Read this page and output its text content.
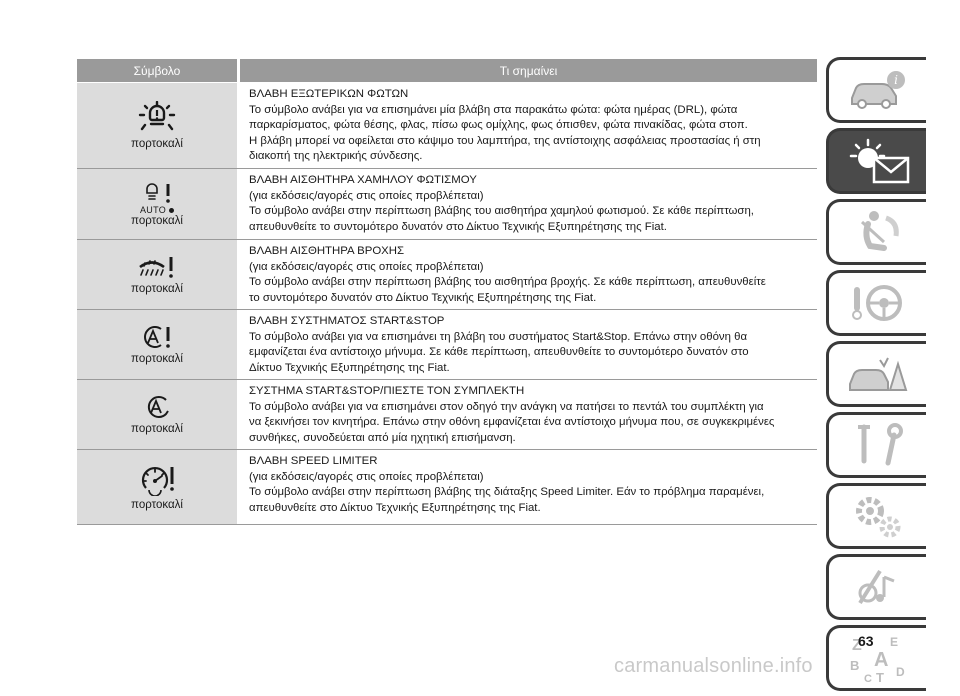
Σύμβολο	Τι σημαίνει
πορτοκαλί
ΒΛΑΒΗ ΕΞΩΤΕΡΙΚΩΝ ΦΩΤΩΝ
Το σύμβολο ανάβει για να επισημάνει μία βλάβη στα παρακάτω φώτα: φώτα ημέρας (DRL), φώτα
παρκαρίσματος, φώτα θέσης, φλας, πίσω φως ομίχλης, φως όπισθεν, φώτα πινακίδας, φώτα στοπ.
Η βλάβη μπορεί να οφείλεται στο κάψιμο του λαμπτήρα, της αντίστοιχης ασφάλειας προστασίας ή στη
διακοπή της ηλεκτρικής σύνδεσης.
AUTO
πορτοκαλί
ΒΛΑΒΗ ΑΙΣΘΗΤΗΡΑ ΧΑΜΗΛΟΥ ΦΩΤΙΣΜΟΥ
(για εκδόσεις/αγορές στις οποίες προβλέπεται)
Το σύμβολο ανάβει στην περίπτωση βλάβης του αισθητήρα χαμηλού φωτισμού. Σε κάθε περίπτωση,
απευθυνθείτε το συντομότερο δυνατόν στο Δίκτυο Τεχνικής Εξυπηρέτησης της Fiat.
πορτοκαλί
ΒΛΑΒΗ ΑΙΣΘΗΤΗΡΑ ΒΡΟΧΗΣ
(για εκδόσεις/αγορές στις οποίες προβλέπεται)
Το σύμβολο ανάβει στην περίπτωση βλάβης του αισθητήρα βροχής. Σε κάθε περίπτωση, απευθυνθείτε
το συντομότερο δυνατόν στο Δίκτυο Τεχνικής Εξυπηρέτησης της Fiat.
πορτοκαλί
ΒΛΑΒΗ ΣΥΣΤΗΜΑΤΟΣ START&STOP
Το σύμβολο ανάβει για να επισημάνει τη βλάβη του συστήματος Start&Stop. Επάνω στην οθόνη θα
εμφανίζεται ένα αντίστοιχο μήνυμα. Σε κάθε περίπτωση, απευθυνθείτε το συντομότερο δυνατόν στο
Δίκτυο Τεχνικής Εξυπηρέτησης της Fiat.
πορτοκαλί
ΣΥΣΤΗΜΑ START&STOP/ΠΙΕΣΤΕ ΤΟΝ ΣΥΜΠΛΕΚΤΗ
Το σύμβολο ανάβει για να επισημάνει στον οδηγό την ανάγκη να πατήσει το πεντάλ του συμπλέκτη για
να ξεκινήσει τον κινητήρα. Επάνω στην οθόνη εμφανίζεται ένα αντίστοιχο μήνυμα που, σε συγκεκριμένες
συνθήκες, συνοδεύεται από μία ηχητική επισήμανση.
πορτοκαλί
ΒΛΑΒΗ SPEED LIMITER
(για εκδόσεις/αγορές στις οποίες προβλέπεται)
Το σύμβολο ανάβει στην περίπτωση βλάβης της διάταξης Speed Limiter. Εάν το πρόβλημα παραμένει,
απευθυνθείτε στο Δίκτυο Τεχνικής Εξυπηρέτησης της Fiat.
i
Z E
A
B
C T D
63
carmanualsonline.info
